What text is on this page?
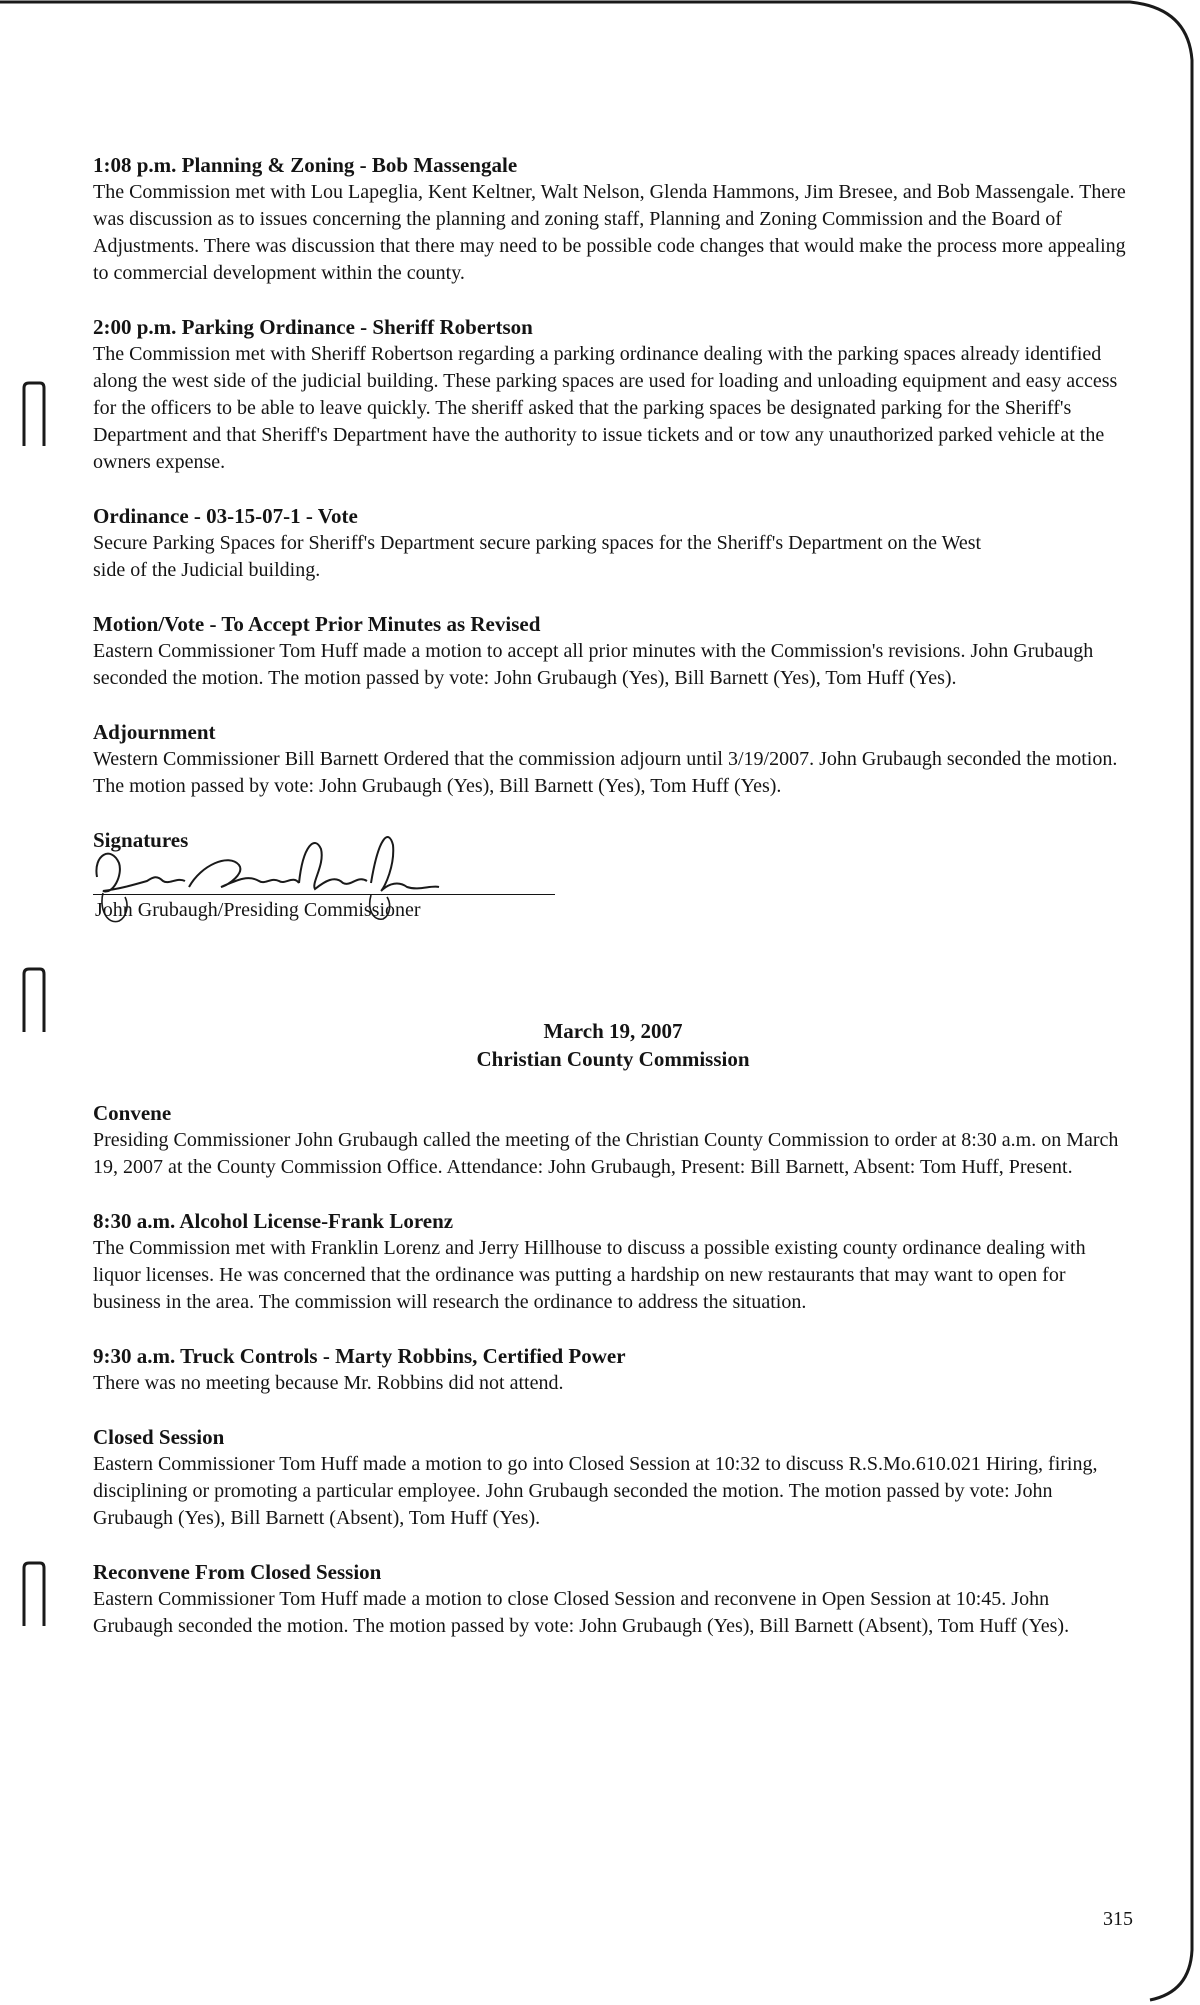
1:08 p.m. Planning & Zoning - Bob Massengale
The Commission met with Lou Lapeglia, Kent Keltner, Walt Nelson, Glenda Hammons, Jim Bresee, and Bob Massengale. There was discussion as to issues concerning the planning and zoning staff, Planning and Zoning Commission and the Board of Adjustments. There was discussion that there may need to be possible code changes that would make the process more appealing to commercial development within the county.
2:00 p.m. Parking Ordinance - Sheriff Robertson
The Commission met with Sheriff Robertson regarding a parking ordinance dealing with the parking spaces already identified along the west side of the judicial building. These parking spaces are used for loading and unloading equipment and easy access for the officers to be able to leave quickly. The sheriff asked that the parking spaces be designated parking for the Sheriff's Department and that Sheriff's Department have the authority to issue tickets and or tow any unauthorized parked vehicle at the owners expense.
Ordinance - 03-15-07-1 - Vote
Secure Parking Spaces for Sheriff's Department secure parking spaces for the Sheriff's Department on the West
side of the Judicial building.
Motion/Vote - To Accept Prior Minutes as Revised
Eastern Commissioner Tom Huff made a motion to accept all prior minutes with the Commission's revisions. John Grubaugh seconded the motion. The motion passed by vote: John Grubaugh (Yes), Bill Barnett (Yes), Tom Huff (Yes).
Adjournment
Western Commissioner Bill Barnett Ordered that the commission adjourn until 3/19/2007. John Grubaugh seconded the motion. The motion passed by vote: John Grubaugh (Yes), Bill Barnett (Yes), Tom Huff (Yes).
Signatures
John Grubaugh/Presiding Commissioner
March 19, 2007
Christian County Commission
Convene
Presiding Commissioner John Grubaugh called the meeting of the Christian County Commission to order at 8:30 a.m. on March 19, 2007 at the County Commission Office. Attendance: John Grubaugh, Present: Bill Barnett, Absent: Tom Huff, Present.
8:30 a.m. Alcohol License-Frank Lorenz
The Commission met with Franklin Lorenz and Jerry Hillhouse to discuss a possible existing county ordinance dealing with liquor licenses. He was concerned that the ordinance was putting a hardship on new restaurants that may want to open for business in the area. The commission will research the ordinance to address the situation.
9:30 a.m. Truck Controls - Marty Robbins, Certified Power
There was no meeting because Mr. Robbins did not attend.
Closed Session
Eastern Commissioner Tom Huff made a motion to go into Closed Session at 10:32 to discuss R.S.Mo.610.021 Hiring, firing, disciplining or promoting a particular employee. John Grubaugh seconded the motion. The motion passed by vote: John Grubaugh (Yes), Bill Barnett (Absent), Tom Huff (Yes).
Reconvene From Closed Session
Eastern Commissioner Tom Huff made a motion to close Closed Session and reconvene in Open Session at 10:45. John Grubaugh seconded the motion. The motion passed by vote: John Grubaugh (Yes), Bill Barnett (Absent), Tom Huff (Yes).
315
